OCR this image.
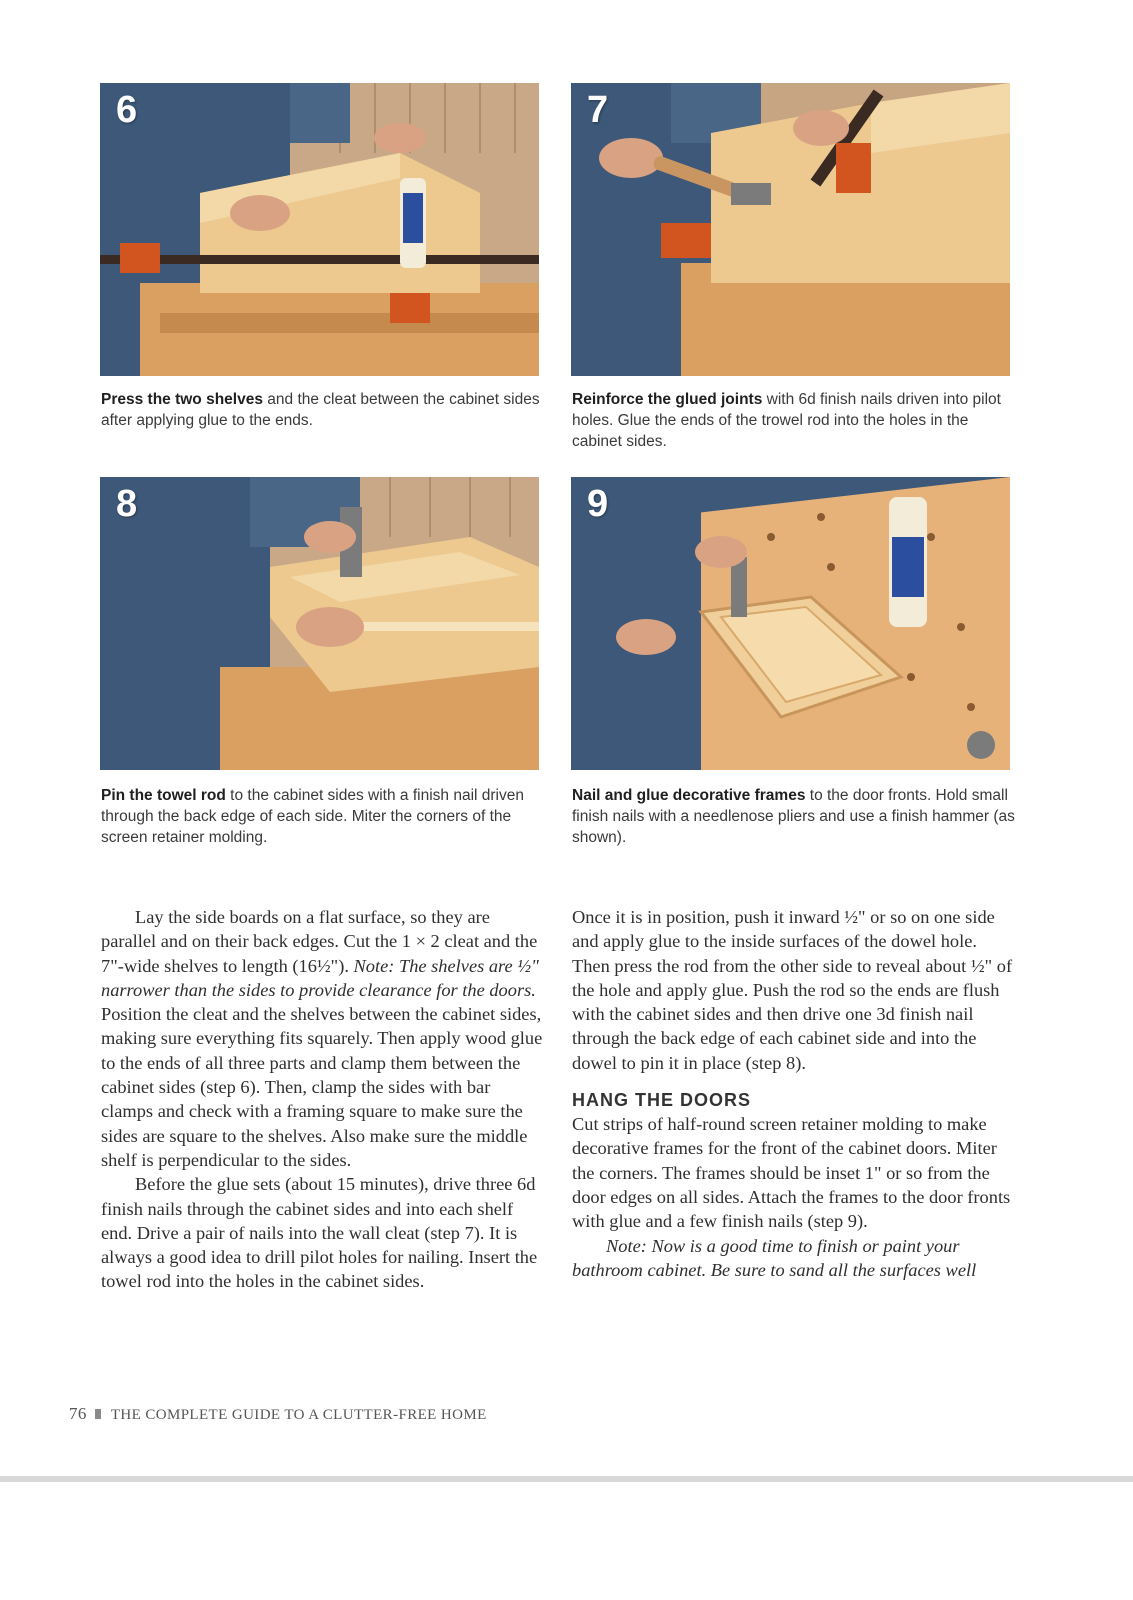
6	7
Press the two shelves and the cleat between the cabinet sides after applying glue to the ends.
Reinforce the glued joints with 6d finish nails driven into pilot holes. Glue the ends of the trowel rod into the holes in the cabinet sides.
8	9
Pin the towel rod to the cabinet sides with a finish nail driven through the back edge of each side. Miter the corners of the screen retainer molding.
Nail and glue decorative frames to the door fronts. Hold small finish nails with a needlenose pliers and use a finish hammer (as shown).

Lay the side boards on a flat surface, so they are parallel and on their back edges. Cut the 1 × 2 cleat and the 7"-wide shelves to length (16½"). Note: The shelves are ½" narrower than the sides to provide clearance for the doors. Position the cleat and the shelves between the cabinet sides, making sure everything fits squarely. Then apply wood glue to the ends of all three parts and clamp them between the cabinet sides (step 6). Then, clamp the sides with bar clamps and check with a framing square to make sure the sides are square to the shelves. Also make sure the middle shelf is perpendicular to the sides.

Before the glue sets (about 15 minutes), drive three 6d finish nails through the cabinet sides and into each shelf end. Drive a pair of nails into the wall cleat (step 7). It is always a good idea to drill pilot holes for nailing. Insert the towel rod into the holes in the cabinet sides.

Once it is in position, push it inward ½" or so on one side and apply glue to the inside surfaces of the dowel hole. Then press the rod from the other side to reveal about ½" of the hole and apply glue. Push the rod so the ends are flush with the cabinet sides and then drive one 3d finish nail through the back edge of each cabinet side and into the dowel to pin it in place (step 8).

HANG THE DOORS

Cut strips of half-round screen retainer molding to make decorative frames for the front of the cabinet doors. Miter the corners. The frames should be inset 1" or so from the door edges on all sides. Attach the frames to the door fronts with glue and a few finish nails (step 9).

Note: Now is a good time to finish or paint your bathroom cabinet. Be sure to sand all the surfaces well

76 THE COMPLETE GUIDE TO A CLUTTER-FREE HOME
